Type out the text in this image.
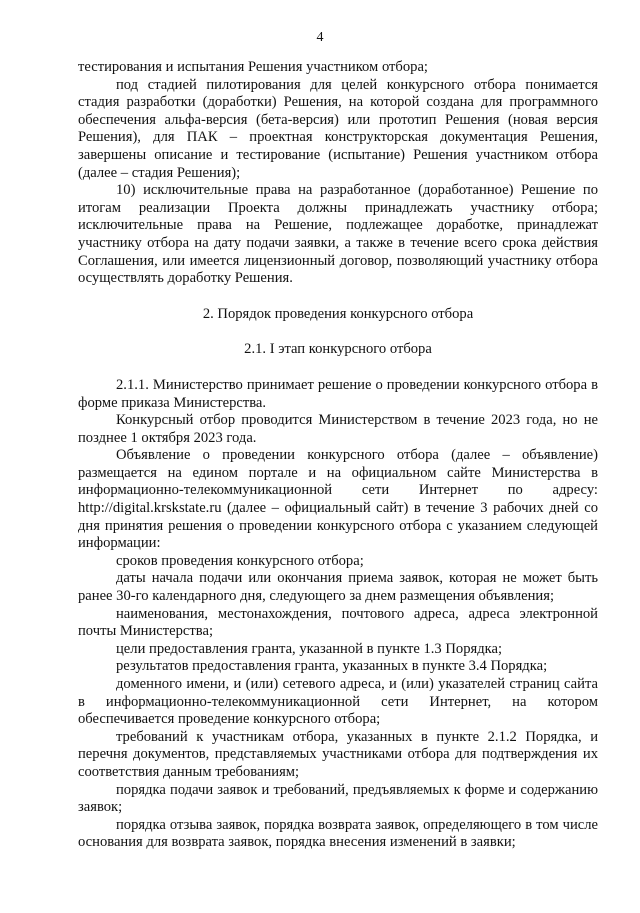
4

тестирования и испытания Решения участником отбора;

под стадией пилотирования для целей конкурсного отбора понимается стадия разработки (доработки) Решения, на которой создана для программного обеспечения альфа-версия (бета-версия) или прототип Решения (новая версия Решения), для ПАК – проектная конструкторская документация Решения, завершены описание и тестирование (испытание) Решения участником отбора (далее – стадия Решения);

10) исключительные права на разработанное (доработанное) Решение по итогам реализации Проекта должны принадлежать участнику отбора; исключительные права на Решение, подлежащее доработке, принадлежат участнику отбора на дату подачи заявки, а также в течение всего срока действия Соглашения, или имеется лицензионный договор, позволяющий участнику отбора осуществлять доработку Решения.

2. Порядок проведения конкурсного отбора

2.1. I этап конкурсного отбора

2.1.1. Министерство принимает решение о проведении конкурсного отбора в форме приказа Министерства.

Конкурсный отбор проводится Министерством в течение 2023 года, но не позднее 1 октября 2023 года.

Объявление о проведении конкурсного отбора (далее – объявление) размещается на едином портале и на официальном сайте Министерства в информационно-телекоммуникационной сети Интернет по адресу: http://digital.krskstate.ru (далее – официальный сайт) в течение 3 рабочих дней со дня принятия решения о проведении конкурсного отбора с указанием следующей информации:

сроков проведения конкурсного отбора;

даты начала подачи или окончания приема заявок, которая не может быть ранее 30-го календарного дня, следующего за днем размещения объявления;

наименования, местонахождения, почтового адреса, адреса электронной почты Министерства;

цели предоставления гранта, указанной в пункте 1.3 Порядка;

результатов предоставления гранта, указанных в пункте 3.4 Порядка;

доменного имени, и (или) сетевого адреса, и (или) указателей страниц сайта в информационно-телекоммуникационной сети Интернет, на котором обеспечивается проведение конкурсного отбора;

требований к участникам отбора, указанных в пункте 2.1.2 Порядка, и перечня документов, представляемых участниками отбора для подтверждения их соответствия данным требованиям;

порядка подачи заявок и требований, предъявляемых к форме и содержанию заявок;

порядка отзыва заявок, порядка возврата заявок, определяющего в том числе основания для возврата заявок, порядка внесения изменений в заявки;
